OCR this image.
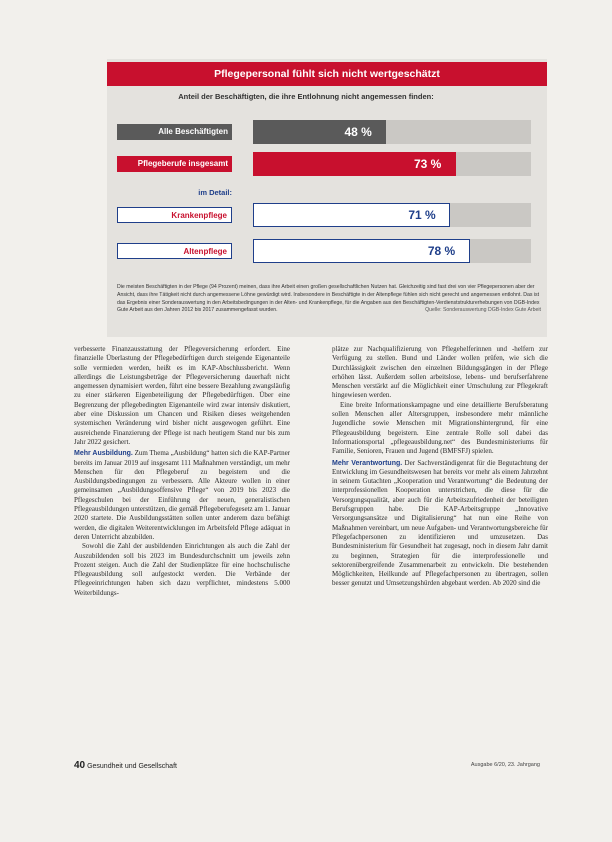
Pflegepersonal fühlt sich nicht wertgeschätzt
Anteil der Beschäftigten, die ihre Entlohnung nicht angemessen finden:
Alle Beschäftigten	48 %
Pflegeberufe insgesamt	73 %
im Detail:
Krankenpflege	71 %
Altenpflege	78 %
Die meisten Beschäftigten in der Pflege (94 Prozent) meinen, dass ihre Arbeit einen großen gesellschaftlichen Nutzen hat. Gleichzeitig sind fast drei von vier Pflegepersonen aber der Ansicht, dass ihre Tätigkeit nicht durch angemessene Löhne gewürdigt wird. Insbesondere in Beschäftigte in der Altenpflege fühlen sich nicht gerecht und angemessen entlohnt. Das ist das Ergebnis einer Sonderauswertung in den Arbeitsbedingungen in der Alten- und Krankenpflege, für die Angaben aus den Beschäftigten-Verdienststrukturerhebungen von DGB-Index Gute Arbeit aus den Jahren 2012 bis 2017 zusammengefasst wurden.	Quelle: Sonderauswertung DGB-Index Gute Arbeit

verbesserte Finanzausstattung der Pflegeversicherung erfordert. Eine finanzielle Überlastung der Pflegebedürftigen durch steigende Eigenanteile solle vermieden werden, heißt es im KAP-Abschlussbericht. Wenn allerdings die Leistungsbeträge der Pflegeversicherung dauerhaft nicht angemessen dynamisiert werden, führt eine bessere Bezahlung zwangsläufig zu einer stärkeren Eigenbeteiligung der Pflegebedürftigen. Über eine Begrenzung der pflegebedingten Eigenanteile wird zwar intensiv diskutiert, aber eine Diskussion um Chancen und Risiken dieses weitgehenden systemischen Veränderung wird bisher nicht ausgewogen geführt. Eine ausreichende Finanzierung der Pflege ist nach heutigem Stand nur bis zum Jahr 2022 gesichert.

Mehr Ausbildung. Zum Thema „Ausbildung“ hatten sich die KAP-Partner bereits im Januar 2019 auf insgesamt 111 Maßnahmen verständigt, um mehr Menschen für den Pflegeberuf zu begeistern und die Ausbildungsbedingungen zu verbessern. Alle Akteure wollen in einer gemeinsamen „Ausbildungsoffensive Pflege“ von 2019 bis 2023 die Pflegeschulen bei der Einführung der neuen, generalistischen Pflegeausbildungen unterstützen, die gemäß Pflegeberufegesetz am 1. Januar 2020 startete. Die Ausbildungsstätten sollen unter anderem dazu befähigt werden, die digitalen Weiterentwicklungen im Arbeitsfeld Pflege adäquat in deren Unterricht abzubilden.

Sowohl die Zahl der ausbildenden Einrichtungen als auch die Zahl der Auszubildenden soll bis 2023 im Bundesdurchschnitt um jeweils zehn Prozent steigen. Auch die Zahl der Studienplätze für eine hochschulische Pflegeausbildung soll aufgestockt werden. Die Verbände der Pflegeeinrichtungen haben sich dazu verpflichtet, mindestens 5.000 Weiterbildungs-

plätze zur Nachqualifizierung von Pflegehelferinnen und -helfern zur Verfügung zu stellen. Bund und Länder wollen prüfen, wie sich die Durchlässigkeit zwischen den einzelnen Bildungsgängen in der Pflege erhöhen lässt. Außerdem sollen arbeitslose, lebens- und berufserfahrene Menschen verstärkt auf die Möglichkeit einer Umschulung zur Pflegekraft hingewiesen werden.

Eine breite Informationskampagne und eine detaillierte Berufsberatung sollen Menschen aller Altersgruppen, insbesondere mehr männliche Jugendliche sowie Menschen mit Migrationshintergrund, für eine Pflegeausbildung begeistern. Eine zentrale Rolle soll dabei das Informationsportal „pflegeausbildung.net“ des Bundesministeriums für Familie, Senioren, Frauen und Jugend (BMFSFJ) spielen.

Mehr Verantwortung. Der Sachverständigenrat für die Begutachtung der Entwicklung im Gesundheitswesen hat bereits vor mehr als einem Jahrzehnt in seinem Gutachten „Kooperation und Verantwortung“ die Bedeutung der interprofessionellen Kooperation unterstrichen, die diese für die Versorgungsqualität, aber auch für die Arbeitszufriedenheit der beteiligten Berufsgruppen habe. Die KAP-Arbeitsgruppe „Innovative Versorgungsansätze und Digitalisierung“ hat nun eine Reihe von Maßnahmen vereinbart, um neue Aufgaben- und Verantwortungsbereiche für Pflegefachpersonen zu identifizieren und umzusetzen. Das Bundesministerium für Gesundheit hat zugesagt, noch in diesem Jahr damit zu beginnen, Strategien für die interprofessionelle und sektorenübergreifende Zusammenarbeit zu entwickeln. Die bestehenden Möglichkeiten, Heilkunde auf Pflegefachpersonen zu übertragen, sollen besser genutzt und Umsetzungshürden abgebaut werden. Ab 2020 sind die

40 Gesundheit und Gesellschaft	Ausgabe 6/20, 23. Jahrgang
